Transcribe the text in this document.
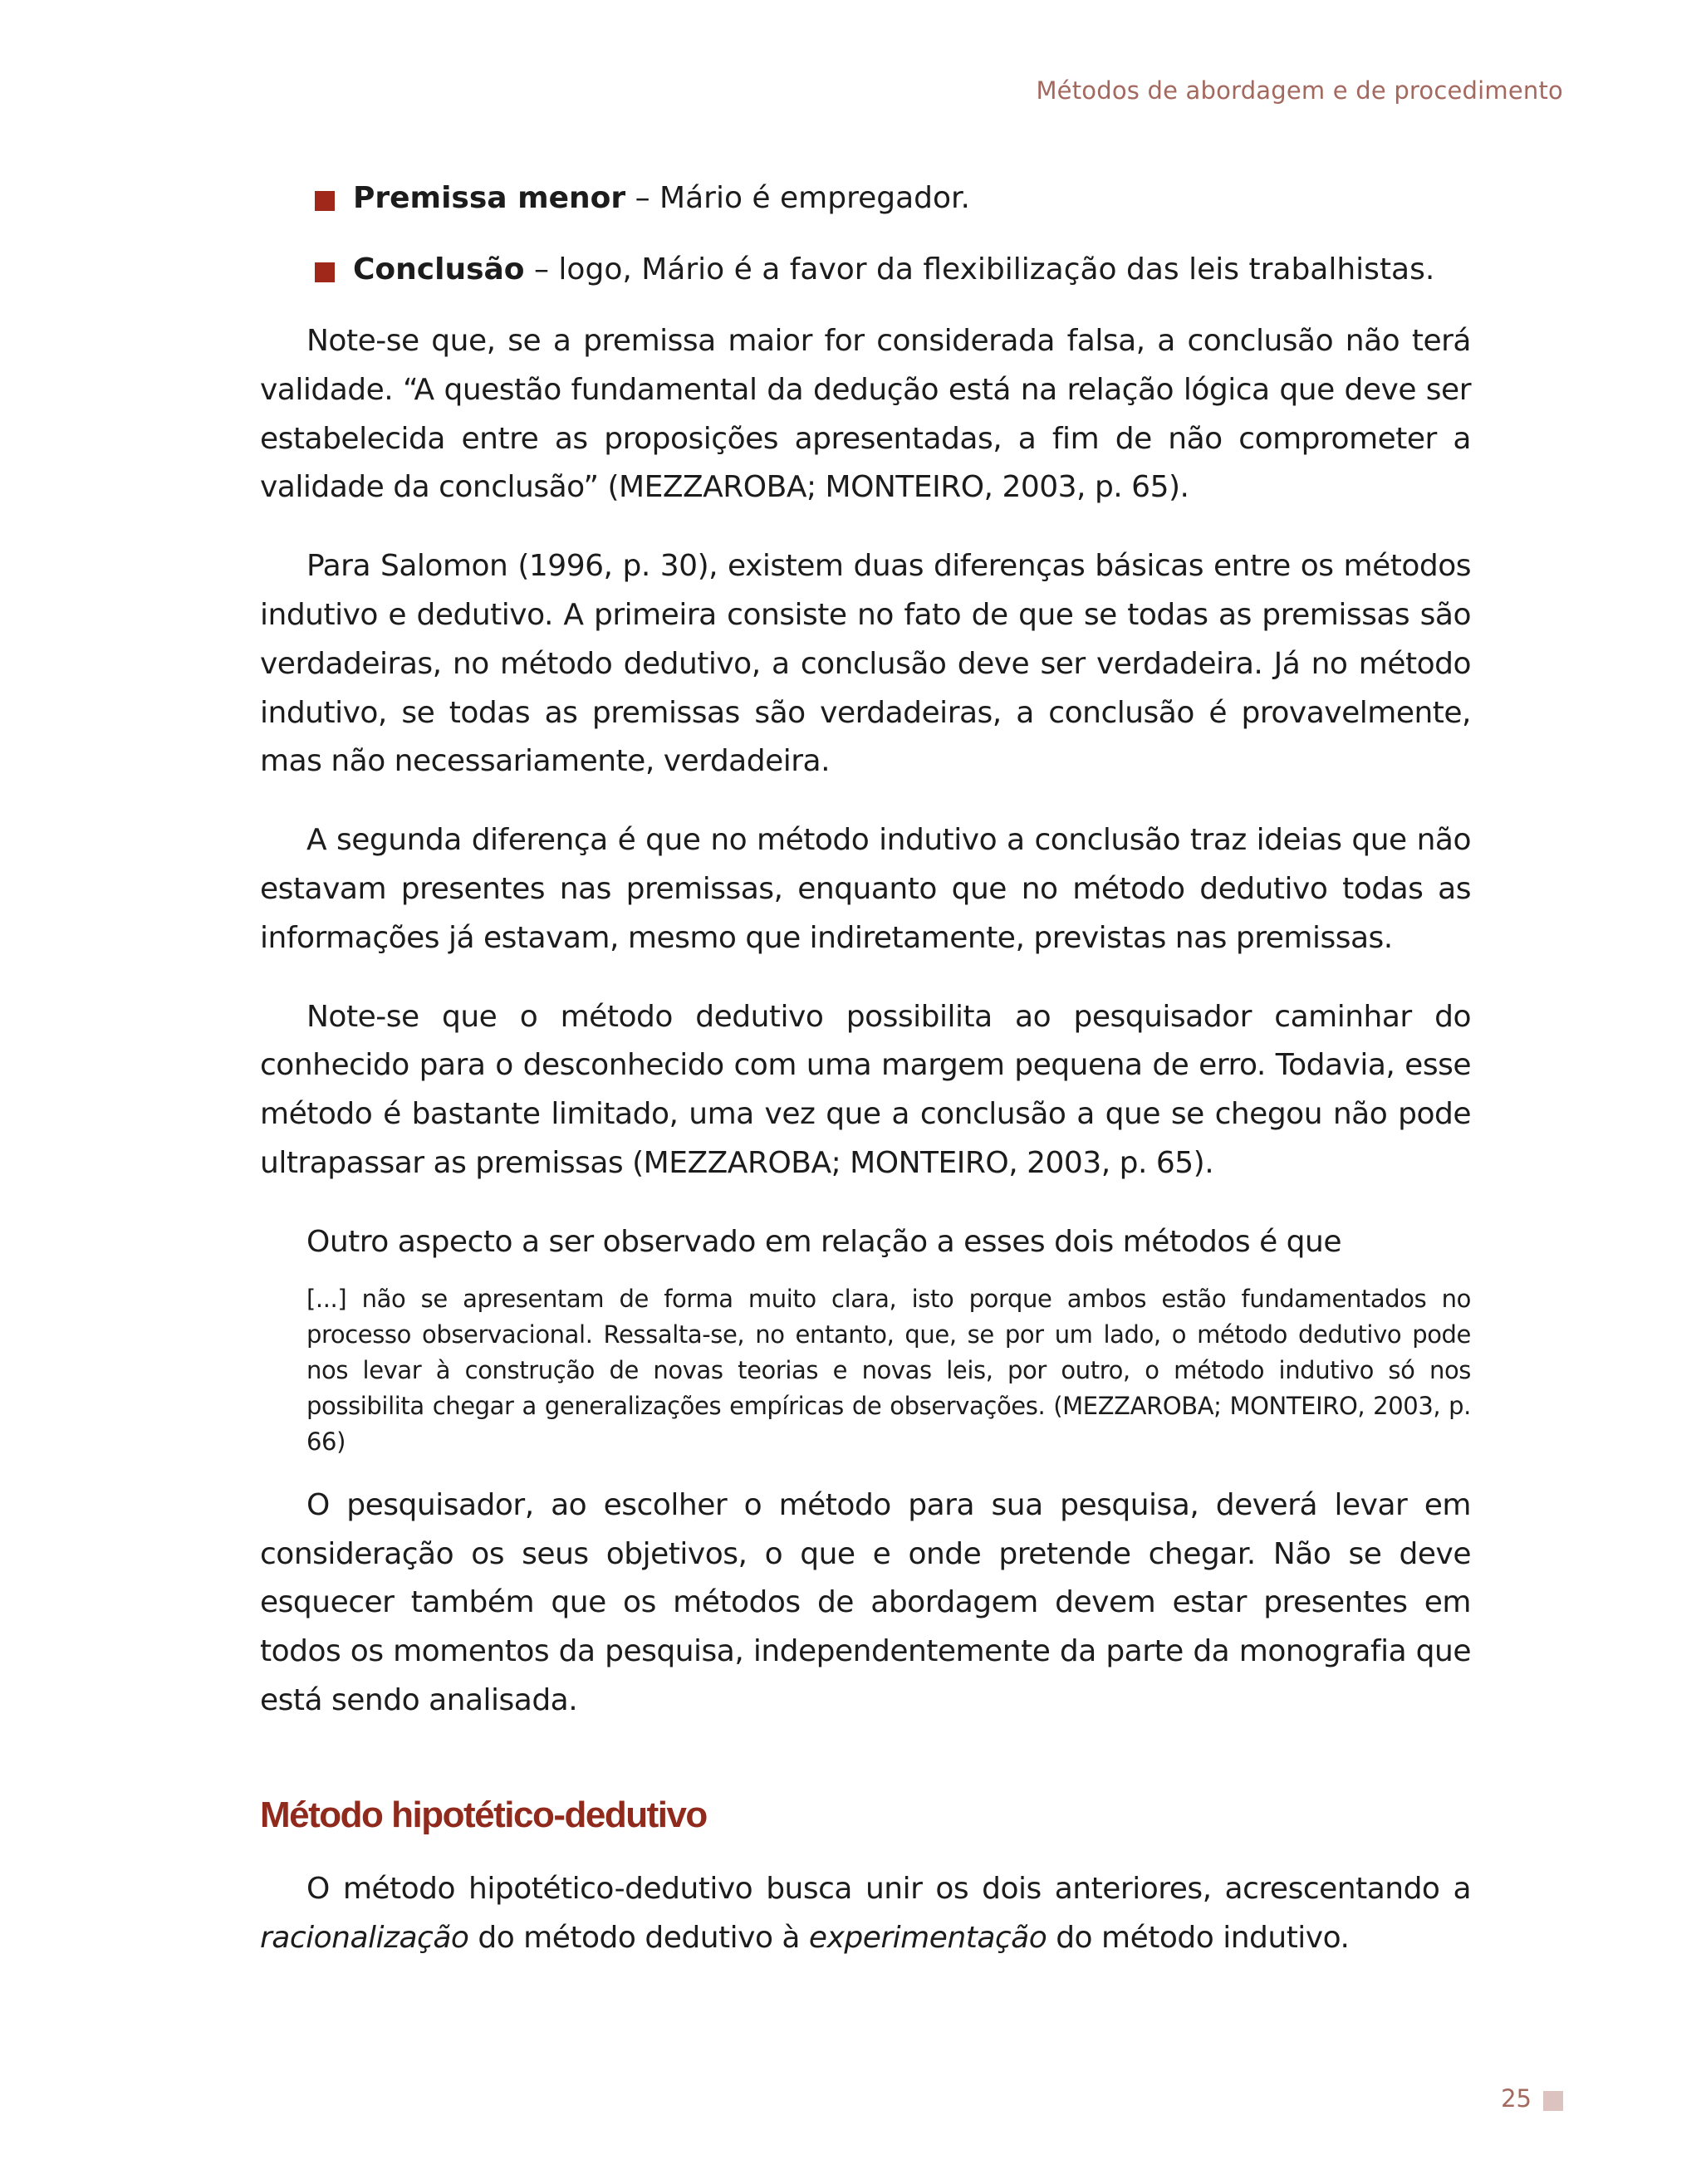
Métodos de abordagem e de procedimento
Premissa menor – Mário é empregador.
Conclusão – logo, Mário é a favor da flexibilização das leis trabalhistas.

Note-se que, se a premissa maior for considerada falsa, a conclusão não terá validade. “A questão fundamental da dedução está na relação lógica que deve ser estabelecida entre as proposições apresentadas, a fim de não comprometer a validade da conclusão” (MEZZAROBA; MONTEIRO, 2003, p. 65).

Para Salomon (1996, p. 30), existem duas diferenças básicas entre os métodos indutivo e dedutivo. A primeira consiste no fato de que se todas as premissas são verdadeiras, no método dedutivo, a conclusão deve ser verdadeira. Já no método indutivo, se todas as premissas são verdadeiras, a conclusão é provavelmente, mas não necessariamente, verdadeira.

A segunda diferença é que no método indutivo a conclusão traz ideias que não estavam presentes nas premissas, enquanto que no método dedutivo todas as informações já estavam, mesmo que indiretamente, previstas nas premissas.

Note-se que o método dedutivo possibilita ao pesquisador caminhar do conhecido para o desconhecido com uma margem pequena de erro. Todavia, esse método é bastante limitado, uma vez que a conclusão a que se chegou não pode ultrapassar as premissas (MEZZAROBA; MONTEIRO, 2003, p. 65).

Outro aspecto a ser observado em relação a esses dois métodos é que
[...] não se apresentam de forma muito clara, isto porque ambos estão fundamentados no processo observacional. Ressalta-se, no entanto, que, se por um lado, o método dedutivo pode nos levar à construção de novas teorias e novas leis, por outro, o método indutivo só nos possibilita chegar a generalizações empíricas de observações. (MEZZAROBA; MONTEIRO, 2003, p. 66)

O pesquisador, ao escolher o método para sua pesquisa, deverá levar em consideração os seus objetivos, o que e onde pretende chegar. Não se deve esquecer também que os métodos de abordagem devem estar presentes em todos os momentos da pesquisa, independentemente da parte da monografia que está sendo analisada.

Método hipotético-dedutivo

O método hipotético-dedutivo busca unir os dois anteriores, acrescentando a racionalização do método dedutivo à experimentação do método indutivo.

25
